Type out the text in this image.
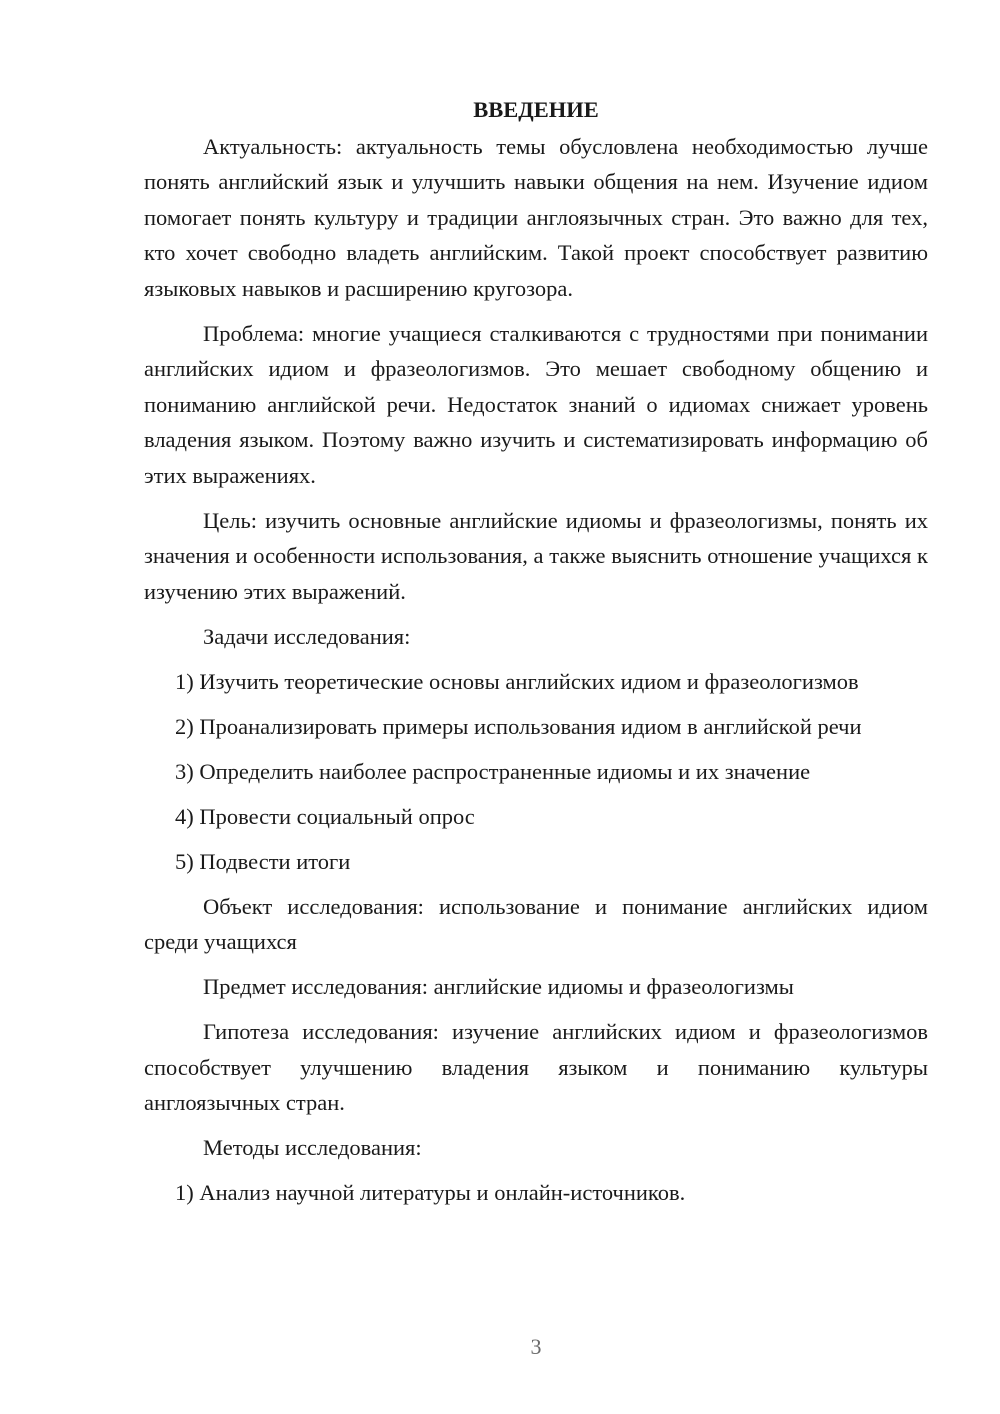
ВВЕДЕНИЕ

Актуальность: актуальность темы обусловлена необходимостью лучше понять английский язык и улучшить навыки общения на нем. Изучение идиом помогает понять культуру и традиции англоязычных стран. Это важно для тех, кто хочет свободно владеть английским. Такой проект способствует развитию языковых навыков и расширению кругозора.

Проблема: многие учащиеся сталкиваются с трудностями при понимании английских идиом и фразеологизмов. Это мешает свободному общению и пониманию английской речи. Недостаток знаний о идиомах снижает уровень владения языком. Поэтому важно изучить и систематизировать информацию об этих выражениях.

Цель: изучить основные английские идиомы и фразеологизмы, понять их значения и особенности использования, а также выяснить отношение учащихся к изучению этих выражений.

Задачи исследования:

1) Изучить теоретические основы английских идиом и фразеологизмов

2) Проанализировать примеры использования идиом в английской речи

3) Определить наиболее распространенные идиомы и их значение

4) Провести социальный опрос

5) Подвести итоги

Объект исследования: использование и понимание английских идиом среди учащихся

Предмет исследования: английские идиомы и фразеологизмы

Гипотеза исследования: изучение английских идиом и фразеологизмов способствует улучшению владения языком и пониманию культуры англоязычных стран.

Методы исследования:

1) Анализ научной литературы и онлайн-источников.

3
